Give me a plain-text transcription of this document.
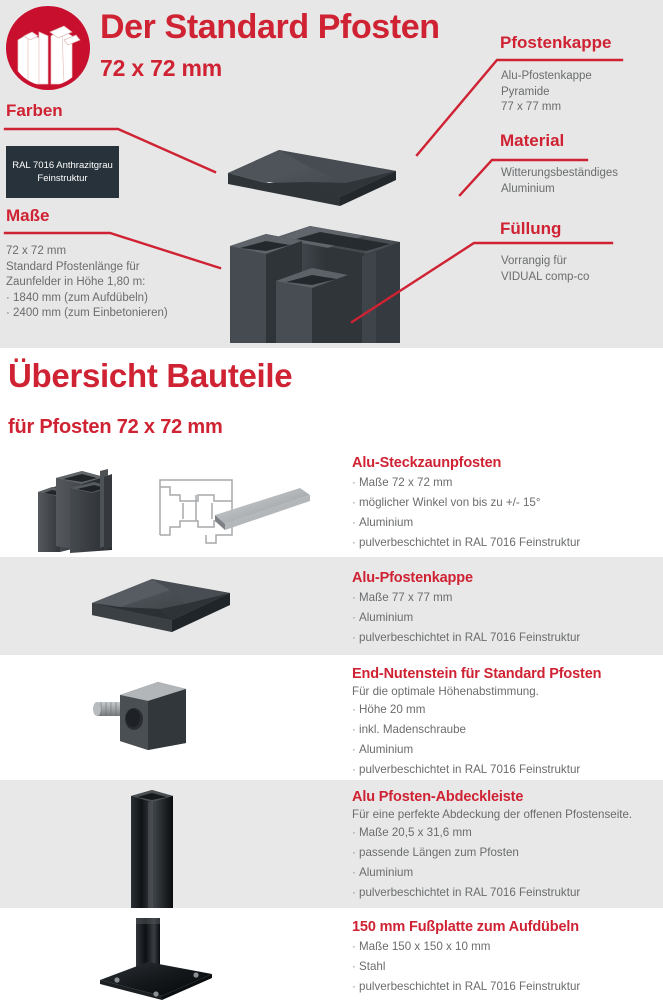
Der Standard Pfosten
72 x 72 mm
Farben
RAL 7016 Anthrazitgrau
Feinstruktur
Maße
72 x 72 mm
Standard Pfostenlänge für
Zaunfelder in Höhe 1,80 m:
· 1840 mm (zum Aufdübeln)
· 2400 mm (zum Einbetonieren)
Pfostenkappe
Alu-Pfostenkappe
Pyramide
77 x 77 mm
Material
Witterungsbeständiges
Aluminium
Füllung
Vorrangig für
VIDUAL comp-co
Übersicht Bauteile
für Pfosten 72 x 72 mm
Alu-Steckzaunpfosten
· Maße 72 x 72 mm
· möglicher Winkel von bis zu +/- 15°
· Aluminium
· pulverbeschichtet in RAL 7016 Feinstruktur
Alu-Pfostenkappe
· Maße 77 x 77 mm
· Aluminium
· pulverbeschichtet in RAL 7016 Feinstruktur
End-Nutenstein für Standard Pfosten

Für die optimale Höhenabstimmung.

· Höhe 20 mm
· inkl. Madenschraube
· Aluminium
· pulverbeschichtet in RAL 7016 Feinstruktur
Alu Pfosten-Abdeckleiste

Für eine perfekte Abdeckung der offenen Pfostenseite.

· Maße 20,5 x 31,6 mm
· passende Längen zum Pfosten
· Aluminium
· pulverbeschichtet in RAL 7016 Feinstruktur
150 mm Fußplatte zum Aufdübeln
· Maße 150 x 150 x 10 mm
· Stahl
· pulverbeschichtet in RAL 7016 Feinstruktur
